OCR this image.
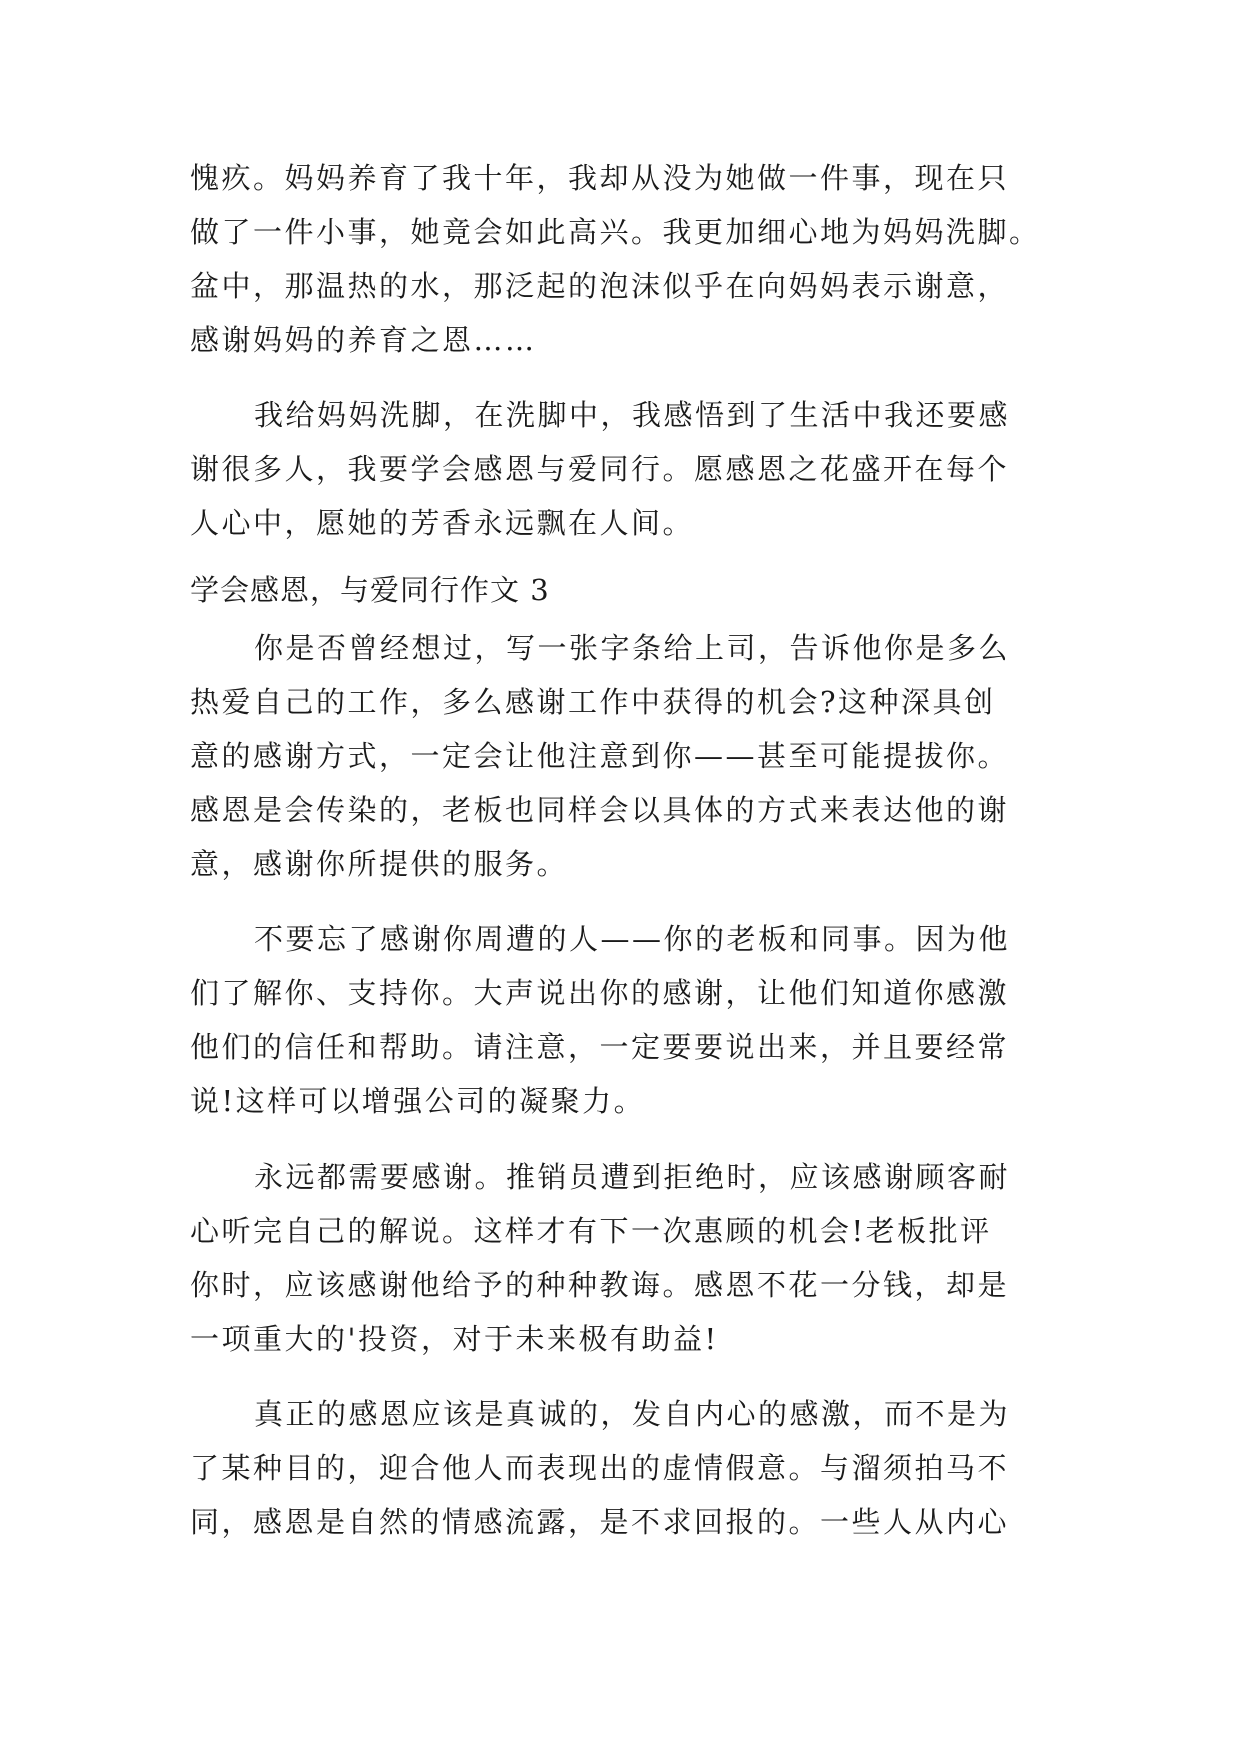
愧疚。妈妈养育了我十年，我却从没为她做一件事，现在只
做了一件小事，她竟会如此高兴。我更加细心地为妈妈洗脚。
盆中，那温热的水，那泛起的泡沫似乎在向妈妈表示谢意，
感谢妈妈的养育之恩……
我给妈妈洗脚，在洗脚中，我感悟到了生活中我还要感
谢很多人，我要学会感恩与爱同行。愿感恩之花盛开在每个
人心中，愿她的芳香永远飘在人间。
学会感恩，与爱同行作文 3
你是否曾经想过，写一张字条给上司，告诉他你是多么
热爱自己的工作，多么感谢工作中获得的机会?这种深具创
意的感谢方式，一定会让他注意到你——甚至可能提拔你。
感恩是会传染的，老板也同样会以具体的方式来表达他的谢
意，感谢你所提供的服务。
不要忘了感谢你周遭的人——你的老板和同事。因为他
们了解你、支持你。大声说出你的感谢，让他们知道你感激
他们的信任和帮助。请注意，一定要要说出来，并且要经常
说!这样可以增强公司的凝聚力。
永远都需要感谢。推销员遭到拒绝时，应该感谢顾客耐
心听完自己的解说。这样才有下一次惠顾的机会!老板批评
你时，应该感谢他给予的种种教诲。感恩不花一分钱，却是
一项重大的'投资，对于未来极有助益!
真正的感恩应该是真诚的，发自内心的感激，而不是为
了某种目的，迎合他人而表现出的虚情假意。与溜须拍马不
同，感恩是自然的情感流露，是不求回报的。一些人从内心
